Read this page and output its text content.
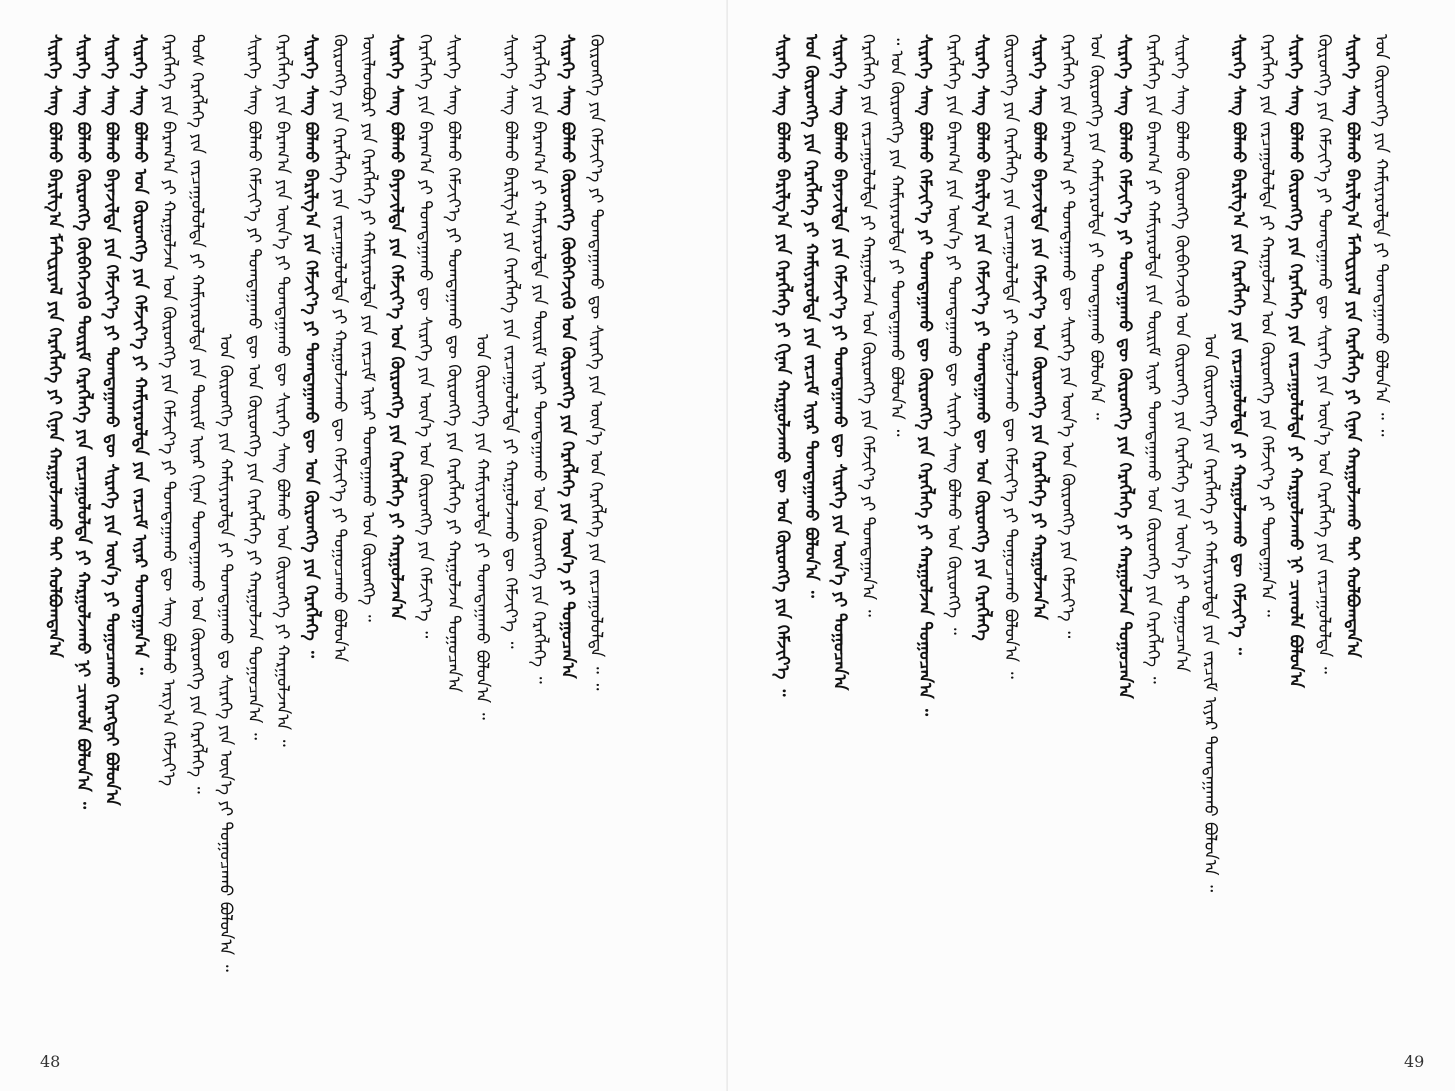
ᠰᠢᠷᠡᠭᠡ ᠰᠠᠩ ᠪᠣᠯᠬᠤ ᠪᠠᠷᠢᠯᠭ᠎ᠠ ᠮᠠᠲᠧᠷᠢᠶᠠᠯ ᠶᠢᠨ ᠬᠡᠷᠡᠭᠯᠡᠭᠡ ᠶᠢ ᠬᠢᠨᠠᠨ ᠬᠠᠷᠭᠤᠯᠵᠠᠬᠤ ᠲᠠᠢ ᠬᠣᠯᠪᠣᠭᠳᠠᠨ᠎ᠠ ᠰᠢᠷᠡᠭᠡ ᠰᠠᠩ ᠪᠣᠯᠬᠤ ᠬᠥᠷᠥᠩᠭᠡ ᠬᠥᠪᠡᠭᠡᠵᠢᠬᠦ ᠳᠦᠷᠢᠮ ᠬᠡᠷᠡᠭᠯᠡᠭᠡ ᠶᠢᠨ ᠵᠠᠷᠴᠠᠭᠤᠯᠤᠯᠲᠠ ᠶᠢ ᠬᠠᠷᠭᠤᠯᠵᠠᠬᠤ ᠨᠢ ᠴᠢᠬᠤᠯᠠ ᠪᠣᠯᠤᠨ᠎ᠠ ᠃ ᠰᠢᠷᠡᠭᠡ ᠰᠠᠩ ᠪᠣᠯᠬᠤ ᠪᠠᠶᠠᠵᠢᠯᠲᠠ ᠶᠢᠨ ᠬᠡᠮᠵᠢᠶ᠎ᠡ ᠶᠢ ᠲᠣᠭᠲᠠᠭᠠᠬᠤ ᠳᠦ ᠰᠢᠷᠡᠭᠡ ᠶᠢᠨ ᠦᠨ᠎ᠡ ᠶᠢ ᠲᠣᠭᠣᠴᠠᠬᠤ ᠬᠡᠷᠡᠭᠲᠡᠢ ᠪᠣᠯᠤᠨ᠎ᠠ ᠰᠢᠷᠡᠭᠡ ᠰᠠᠩ ᠪᠣᠯᠬᠤ ᠡᠳ ᠬᠥᠷᠥᠩᠭᠡ ᠶᠢᠨ ᠬᠡᠮᠵᠢᠶ᠎ᠡ ᠶᠢ ᠬᠠᠮᠢᠶᠠᠷᠤᠯᠲᠠ ᠶᠢᠨ ᠵᠠᠷᠴᠢᠮ ᠢᠶᠠᠷ ᠲᠣᠭᠲᠠᠭᠠᠨ᠎ᠠ ᠃ ᠬᠡᠷᠡᠭᠯᠡᠭᠡ ᠶᠢᠨ ᠪᠠᠷᠠᠭ᠎ᠠ ᠶᠢ ᠬᠠᠷᠭᠤᠯᠵᠠᠨ ᠡᠳ ᠬᠥᠷᠥᠩᠭᠡ ᠶᠢᠨ ᠬᠡᠮᠵᠢᠶ᠎ᠡ ᠶᠢ ᠲᠣᠭᠲᠠᠭᠠᠬᠤ ᠳᠦ ᠰᠠᠩ ᠪᠣᠯᠬᠤ ᠠᠷᠭ᠎ᠠ ᠬᠡᠮᠵᠢᠶ᠎ᠡ ᠲᠤᠰ ᠬᠡᠷᠡᠭᠯᠡᠭᠡ ᠶᠢᠨ ᠵᠠᠷᠴᠠᠭᠤᠯᠤᠯᠲᠠ ᠶᠢ ᠬᠠᠮᠢᠶᠠᠷᠤᠯᠲᠠ ᠶᠢᠨ ᠳᠦᠷᠢᠮ ᠢᠶᠠᠷ ᠬᠢᠨᠠᠨ ᠲᠣᠭᠲᠠᠭᠠᠬᠤ ᠡᠳ ᠬᠥᠷᠥᠩᠭᠡ ᠶᠢᠨ ᠬᠡᠷᠡᠭᠯᠡᠭᠡ ᠃ ᠡᠳ ᠬᠥᠷᠥᠩᠭᠡ ᠶᠢᠨ ᠬᠠᠮᠢᠶᠠᠷᠤᠯᠲᠠ ᠶᠢ ᠲᠣᠭᠲᠠᠭᠠᠬᠤ ᠳᠤ ᠰᠢᠷᠡᠭᠡ ᠶᠢᠨ ᠦᠨ᠎ᠡ ᠶᠢ ᠲᠣᠭᠣᠴᠠᠬᠤ ᠪᠣᠯᠤᠨ᠎ᠠ ᠃ ᠰᠢᠷᠡᠭᠡ ᠰᠠᠩ ᠪᠣᠯᠬᠤ ᠬᠡᠮᠵᠢᠶ᠎ᠡ ᠶᠢ ᠲᠣᠭᠲᠠᠭᠠᠬᠤ ᠳᠦ ᠡᠳ ᠬᠥᠷᠥᠩᠭᠡ ᠶᠢᠨ ᠬᠡᠷᠡᠭᠯᠡᠭᠡ ᠶᠢ ᠬᠠᠷᠭᠤᠯᠵᠠᠨ ᠲᠣᠭᠣᠴᠠᠨ᠎ᠠ ᠃ ᠬᠡᠷᠡᠭᠯᠡᠭᠡ ᠶᠢᠨ ᠪᠠᠷᠠᠭ᠎ᠠ ᠶᠢᠨ ᠦᠨ᠎ᠡ ᠶᠢ ᠲᠣᠭᠲᠠᠭᠠᠬᠤ ᠳᠦ ᠰᠢᠷᠡᠭᠡ ᠰᠠᠩ ᠪᠣᠯᠬᠤ ᠡᠳ ᠬᠥᠷᠥᠩᠭᠡ ᠶᠢ ᠬᠠᠷᠭᠤᠯᠵᠠᠨ᠎ᠠ ᠃ ᠰᠢᠷᠡᠭᠡ ᠰᠠᠩ ᠪᠣᠯᠬᠤ ᠪᠠᠷᠢᠯᠭ᠎ᠠ ᠶᠢᠨ ᠬᠡᠮᠵᠢᠶ᠎ᠡ ᠶᠢ ᠲᠣᠭᠲᠠᠭᠠᠬᠤ ᠳᠦ ᠡᠳ ᠬᠥᠷᠥᠩᠭᠡ ᠶᠢᠨ ᠬᠡᠷᠡᠭᠯᠡᠭᠡ ᠃ ᠬᠥᠷᠥᠩᠭᠡ ᠶᠢᠨ ᠬᠡᠷᠡᠭᠯᠡᠭᠡ ᠶᠢᠨ ᠵᠠᠷᠴᠠᠭᠤᠯᠤᠯᠲᠠ ᠶᠢ ᠬᠠᠷᠭᠤᠯᠵᠠᠬᠤ ᠳᠦ ᠬᠡᠮᠵᠢᠶ᠎ᠡ ᠶᠢ ᠲᠣᠭᠣᠴᠠᠬᠤ ᠪᠣᠯᠤᠨ᠎ᠠ ᠦᠢᠯᠡᠳᠪᠦᠷᠢ ᠶᠢᠨ ᠬᠡᠷᠡᠭᠯᠡᠭᠡ ᠶᠢ ᠬᠠᠮᠢᠶᠠᠷᠤᠯᠲᠠ ᠶᠢᠨ ᠵᠠᠷᠴᠢᠮ ᠢᠶᠠᠷ ᠲᠣᠭᠲᠠᠭᠠᠬᠤ ᠡᠳ ᠬᠥᠷᠥᠩᠭᠡ ᠃ ᠰᠢᠷᠡᠭᠡ ᠰᠠᠩ ᠪᠣᠯᠬᠤ ᠪᠠᠶᠠᠵᠢᠯᠲᠠ ᠶᠢᠨ ᠬᠡᠮᠵᠢᠶ᠎ᠡ ᠡᠳ ᠬᠥᠷᠥᠩᠭᠡ ᠶᠢᠨ ᠬᠡᠷᠡᠭᠯᠡᠭᠡ ᠶᠢ ᠬᠠᠷᠭᠤᠯᠵᠠᠨ᠎ᠠ ᠬᠡᠷᠡᠭᠯᠡᠭᠡ ᠶᠢᠨ ᠪᠠᠷᠠᠭ᠎ᠠ ᠶᠢ ᠲᠣᠭᠲᠠᠭᠠᠬᠤ ᠳᠦ ᠰᠢᠷᠡᠭᠡ ᠶᠢᠨ ᠦᠨ᠎ᠡ ᠡᠳ ᠬᠥᠷᠥᠩᠭᠡ ᠶᠢᠨ ᠬᠡᠮᠵᠢᠶ᠎ᠡ ᠃ ᠰᠢᠷᠡᠭᠡ ᠰᠠᠩ ᠪᠣᠯᠬᠤ ᠬᠡᠮᠵᠢᠶ᠎ᠡ ᠶᠢ ᠲᠣᠭᠲᠠᠭᠠᠬᠤ ᠳᠦ ᠬᠥᠷᠥᠩᠭᠡ ᠶᠢᠨ ᠬᠡᠷᠡᠭᠯᠡᠭᠡ ᠶᠢ ᠬᠠᠷᠭᠤᠯᠵᠠᠨ ᠲᠣᠭᠣᠴᠠᠨ᠎ᠠ ᠡᠳ ᠬᠥᠷᠥᠩᠭᠡ ᠶᠢᠨ ᠬᠠᠮᠢᠶᠠᠷᠤᠯᠲᠠ ᠶᠢ ᠲᠣᠭᠲᠠᠭᠠᠬᠤ ᠪᠣᠯᠤᠨ᠎ᠠ ᠃ ᠰᠢᠷᠡᠭᠡ ᠰᠠᠩ ᠪᠣᠯᠬᠤ ᠪᠠᠷᠢᠯᠭ᠎ᠠ ᠶᠢᠨ ᠬᠡᠷᠡᠭᠯᠡᠭᠡ ᠶᠢᠨ ᠵᠠᠷᠴᠠᠭᠤᠯᠤᠯᠲᠠ ᠶᠢ ᠬᠠᠷᠭᠤᠯᠵᠠᠬᠤ ᠳᠦ ᠬᠡᠮᠵᠢᠶ᠎ᠡ ᠃ ᠬᠡᠷᠡᠭᠯᠡᠭᠡ ᠶᠢᠨ ᠪᠠᠷᠠᠭ᠎ᠠ ᠶᠢ ᠬᠠᠮᠢᠶᠠᠷᠤᠯᠲᠠ ᠶᠢᠨ ᠳᠦᠷᠢᠮ ᠢᠶᠠᠷ ᠲᠣᠭᠲᠠᠭᠠᠬᠤ ᠡᠳ ᠬᠥᠷᠥᠩᠭᠡ ᠶᠢᠨ ᠬᠡᠷᠡᠭᠯᠡᠭᠡ ᠃ ᠰᠢᠷᠡᠭᠡ ᠰᠠᠩ ᠪᠣᠯᠬᠤ ᠬᠥᠷᠥᠩᠭᠡ ᠬᠥᠪᠡᠭᠡᠵᠢᠬᠦ ᠡᠳ ᠬᠥᠷᠥᠩᠭᠡ ᠶᠢᠨ ᠬᠡᠷᠡᠭᠯᠡᠭᠡ ᠶᠢᠨ ᠦᠨ᠎ᠡ ᠶᠢ ᠲᠣᠭᠣᠴᠠᠨ᠎ᠠ ᠬᠥᠷᠥᠩᠭᠡ ᠶᠢᠨ ᠬᠡᠮᠵᠢᠶ᠎ᠡ ᠶᠢ ᠲᠣᠭᠲᠠᠭᠠᠬᠤ ᠳᠦ ᠰᠢᠷᠡᠭᠡ ᠶᠢᠨ ᠦᠨ᠎ᠡ ᠡᠳ ᠬᠡᠷᠡᠭᠯᠡᠭᠡ ᠶᠢᠨ ᠵᠠᠷᠴᠠᠭᠤᠯᠤᠯᠲᠠ ᠃ ᠃
48
ᠰᠢᠷᠡᠭᠡ ᠰᠠᠩ ᠪᠣᠯᠬᠤ ᠪᠠᠷᠢᠯᠭ᠎ᠠ ᠶᠢᠨ ᠬᠡᠷᠡᠭᠯᠡᠭᠡ ᠶᠢ ᠬᠢᠨᠠᠨ ᠬᠠᠷᠭᠤᠯᠵᠠᠬᠤ ᠳᠦ ᠡᠳ ᠬᠥᠷᠥᠩᠭᠡ ᠶᠢᠨ ᠬᠡᠮᠵᠢᠶ᠎ᠡ ᠃ ᠡᠳ ᠬᠥᠷᠥᠩᠭᠡ ᠶᠢᠨ ᠬᠡᠷᠡᠭᠯᠡᠭᠡ ᠶᠢ ᠬᠠᠮᠢᠶᠠᠷᠤᠯᠲᠠ ᠶᠢᠨ ᠵᠠᠷᠴᠢᠮ ᠢᠶᠠᠷ ᠲᠣᠭᠲᠠᠭᠠᠬᠤ ᠪᠣᠯᠤᠨ᠎ᠠ ᠃ ᠰᠢᠷᠡᠭᠡ ᠰᠠᠩ ᠪᠣᠯᠬᠤ ᠪᠠᠶᠠᠵᠢᠯᠲᠠ ᠶᠢᠨ ᠬᠡᠮᠵᠢᠶ᠎ᠡ ᠶᠢ ᠲᠣᠭᠲᠠᠭᠠᠬᠤ ᠳᠦ ᠰᠢᠷᠡᠭᠡ ᠶᠢᠨ ᠦᠨ᠎ᠡ ᠶᠢ ᠲᠣᠭᠣᠴᠠᠨ᠎ᠠ ᠬᠡᠷᠡᠭᠯᠡᠭᠡ ᠶᠢᠨ ᠵᠠᠷᠴᠠᠭᠤᠯᠤᠯᠲᠠ ᠶᠢ ᠬᠠᠷᠭᠤᠯᠵᠠᠨ ᠡᠳ ᠬᠥᠷᠥᠩᠭᠡ ᠶᠢᠨ ᠬᠡᠮᠵᠢᠶ᠎ᠡ ᠶᠢ ᠲᠣᠭᠲᠠᠭᠠᠨ᠎ᠠ ᠃ ᠃ ᠡᠳ ᠬᠥᠷᠥᠩᠭᠡ ᠶᠢᠨ ᠬᠠᠮᠢᠶᠠᠷᠤᠯᠲᠠ ᠶᠢ ᠲᠣᠭᠲᠠᠭᠠᠬᠤ ᠪᠣᠯᠤᠨ᠎ᠠ ᠃ ᠰᠢᠷᠡᠭᠡ ᠰᠠᠩ ᠪᠣᠯᠬᠤ ᠬᠡᠮᠵᠢᠶ᠎ᠡ ᠶᠢ ᠲᠣᠭᠲᠠᠭᠠᠬᠤ ᠳᠦ ᠬᠥᠷᠥᠩᠭᠡ ᠶᠢᠨ ᠬᠡᠷᠡᠭᠯᠡᠭᠡ ᠶᠢ ᠬᠠᠷᠭᠤᠯᠵᠠᠨ ᠲᠣᠭᠣᠴᠠᠨ᠎ᠠ ᠃ ᠬᠡᠷᠡᠭᠯᠡᠭᠡ ᠶᠢᠨ ᠪᠠᠷᠠᠭ᠎ᠠ ᠶᠢᠨ ᠦᠨ᠎ᠡ ᠶᠢ ᠲᠣᠭᠲᠠᠭᠠᠬᠤ ᠳᠦ ᠰᠢᠷᠡᠭᠡ ᠰᠠᠩ ᠪᠣᠯᠬᠤ ᠡᠳ ᠬᠥᠷᠥᠩᠭᠡ ᠃ ᠰᠢᠷᠡᠭᠡ ᠰᠠᠩ ᠪᠣᠯᠬᠤ ᠪᠠᠷᠢᠯᠭ᠎ᠠ ᠶᠢᠨ ᠬᠡᠮᠵᠢᠶ᠎ᠡ ᠶᠢ ᠲᠣᠭᠲᠠᠭᠠᠬᠤ ᠳᠦ ᠡᠳ ᠬᠥᠷᠥᠩᠭᠡ ᠶᠢᠨ ᠬᠡᠷᠡᠭᠯᠡᠭᠡ ᠬᠥᠷᠥᠩᠭᠡ ᠶᠢᠨ ᠬᠡᠷᠡᠭᠯᠡᠭᠡ ᠶᠢᠨ ᠵᠠᠷᠴᠠᠭᠤᠯᠤᠯᠲᠠ ᠶᠢ ᠬᠠᠷᠭᠤᠯᠵᠠᠬᠤ ᠳᠦ ᠬᠡᠮᠵᠢᠶ᠎ᠡ ᠶᠢ ᠲᠣᠭᠣᠴᠠᠬᠤ ᠪᠣᠯᠤᠨ᠎ᠠ ᠃ ᠰᠢᠷᠡᠭᠡ ᠰᠠᠩ ᠪᠣᠯᠬᠤ ᠪᠠᠶᠠᠵᠢᠯᠲᠠ ᠶᠢᠨ ᠬᠡᠮᠵᠢᠶ᠎ᠡ ᠡᠳ ᠬᠥᠷᠥᠩᠭᠡ ᠶᠢᠨ ᠬᠡᠷᠡᠭᠯᠡᠭᠡ ᠶᠢ ᠬᠠᠷᠭᠤᠯᠵᠠᠨ᠎ᠠ ᠬᠡᠷᠡᠭᠯᠡᠭᠡ ᠶᠢᠨ ᠪᠠᠷᠠᠭ᠎ᠠ ᠶᠢ ᠲᠣᠭᠲᠠᠭᠠᠬᠤ ᠳᠦ ᠰᠢᠷᠡᠭᠡ ᠶᠢᠨ ᠦᠨ᠎ᠡ ᠡᠳ ᠬᠥᠷᠥᠩᠭᠡ ᠶᠢᠨ ᠬᠡᠮᠵᠢᠶ᠎ᠡ ᠃ ᠡᠳ ᠬᠥᠷᠥᠩᠭᠡ ᠶᠢᠨ ᠬᠠᠮᠢᠶᠠᠷᠤᠯᠲᠠ ᠶᠢ ᠲᠣᠭᠲᠠᠭᠠᠬᠤ ᠪᠣᠯᠤᠨ᠎ᠠ ᠃ ᠰᠢᠷᠡᠭᠡ ᠰᠠᠩ ᠪᠣᠯᠬᠤ ᠬᠡᠮᠵᠢᠶ᠎ᠡ ᠶᠢ ᠲᠣᠭᠲᠠᠭᠠᠬᠤ ᠳᠦ ᠬᠥᠷᠥᠩᠭᠡ ᠶᠢᠨ ᠬᠡᠷᠡᠭᠯᠡᠭᠡ ᠶᠢ ᠬᠠᠷᠭᠤᠯᠵᠠᠨ ᠲᠣᠭᠣᠴᠠᠨ᠎ᠠ ᠬᠡᠷᠡᠭᠯᠡᠭᠡ ᠶᠢᠨ ᠪᠠᠷᠠᠭ᠎ᠠ ᠶᠢ ᠬᠠᠮᠢᠶᠠᠷᠤᠯᠲᠠ ᠶᠢᠨ ᠳᠦᠷᠢᠮ ᠢᠶᠠᠷ ᠲᠣᠭᠲᠠᠭᠠᠬᠤ ᠡᠳ ᠬᠥᠷᠥᠩᠭᠡ ᠶᠢᠨ ᠬᠡᠷᠡᠭᠯᠡᠭᠡ ᠃ ᠰᠢᠷᠡᠭᠡ ᠰᠠᠩ ᠪᠣᠯᠬᠤ ᠬᠥᠷᠥᠩᠭᠡ ᠬᠥᠪᠡᠭᠡᠵᠢᠬᠦ ᠡᠳ ᠬᠥᠷᠥᠩᠭᠡ ᠶᠢᠨ ᠬᠡᠷᠡᠭᠯᠡᠭᠡ ᠶᠢᠨ ᠦᠨ᠎ᠡ ᠶᠢ ᠲᠣᠭᠣᠴᠠᠨ᠎ᠠ ᠡᠳ ᠬᠥᠷᠥᠩᠭᠡ ᠶᠢᠨ ᠬᠡᠷᠡᠭᠯᠡᠭᠡ ᠶᠢ ᠬᠠᠮᠢᠶᠠᠷᠤᠯᠲᠠ ᠶᠢᠨ ᠵᠠᠷᠴᠢᠮ ᠢᠶᠠᠷ ᠲᠣᠭᠲᠠᠭᠠᠬᠤ ᠪᠣᠯᠤᠨ᠎ᠠ ᠃ ᠰᠢᠷᠡᠭᠡ ᠰᠠᠩ ᠪᠣᠯᠬᠤ ᠪᠠᠷᠢᠯᠭ᠎ᠠ ᠶᠢᠨ ᠬᠡᠷᠡᠭᠯᠡᠭᠡ ᠶᠢᠨ ᠵᠠᠷᠴᠠᠭᠤᠯᠤᠯᠲᠠ ᠶᠢ ᠬᠠᠷᠭᠤᠯᠵᠠᠬᠤ ᠳᠦ ᠬᠡᠮᠵᠢᠶ᠎ᠡ ᠃ ᠬᠡᠷᠡᠭᠯᠡᠭᠡ ᠶᠢᠨ ᠵᠠᠷᠴᠠᠭᠤᠯᠤᠯᠲᠠ ᠶᠢ ᠬᠠᠷᠭᠤᠯᠵᠠᠨ ᠡᠳ ᠬᠥᠷᠥᠩᠭᠡ ᠶᠢᠨ ᠬᠡᠮᠵᠢᠶ᠎ᠡ ᠶᠢ ᠲᠣᠭᠲᠠᠭᠠᠨ᠎ᠠ ᠃ ᠰᠢᠷᠡᠭᠡ ᠰᠠᠩ ᠪᠣᠯᠬᠤ ᠬᠥᠷᠥᠩᠭᠡ ᠶᠢᠨ ᠬᠡᠷᠡᠭᠯᠡᠭᠡ ᠶᠢᠨ ᠵᠠᠷᠴᠠᠭᠤᠯᠤᠯᠲᠠ ᠶᠢ ᠬᠠᠷᠭᠤᠯᠵᠠᠬᠤ ᠨᠢ ᠴᠢᠬᠤᠯᠠ ᠪᠣᠯᠤᠨ᠎ᠠ ᠬᠥᠷᠥᠩᠭᠡ ᠶᠢᠨ ᠬᠡᠮᠵᠢᠶ᠎ᠡ ᠶᠢ ᠲᠣᠭᠲᠠᠭᠠᠬᠤ ᠳᠦ ᠰᠢᠷᠡᠭᠡ ᠶᠢᠨ ᠦᠨ᠎ᠡ ᠡᠳ ᠬᠡᠷᠡᠭᠯᠡᠭᠡ ᠶᠢᠨ ᠵᠠᠷᠴᠠᠭᠤᠯᠤᠯᠲᠠ ᠃ ᠰᠢᠷᠡᠭᠡ ᠰᠠᠩ ᠪᠣᠯᠬᠤ ᠪᠠᠷᠢᠯᠭ᠎ᠠ ᠮᠠᠲᠧᠷᠢᠶᠠᠯ ᠶᠢᠨ ᠬᠡᠷᠡᠭᠯᠡᠭᠡ ᠶᠢ ᠬᠢᠨᠠᠨ ᠬᠠᠷᠭᠤᠯᠵᠠᠬᠤ ᠲᠠᠢ ᠬᠣᠯᠪᠣᠭᠳᠠᠨ᠎ᠠ ᠡᠳ ᠬᠥᠷᠥᠩᠭᠡ ᠶᠢᠨ ᠬᠠᠮᠢᠶᠠᠷᠤᠯᠲᠠ ᠶᠢ ᠲᠣᠭᠲᠠᠭᠠᠬᠤ ᠪᠣᠯᠤᠨ᠎ᠠ ᠃ ᠃
49
